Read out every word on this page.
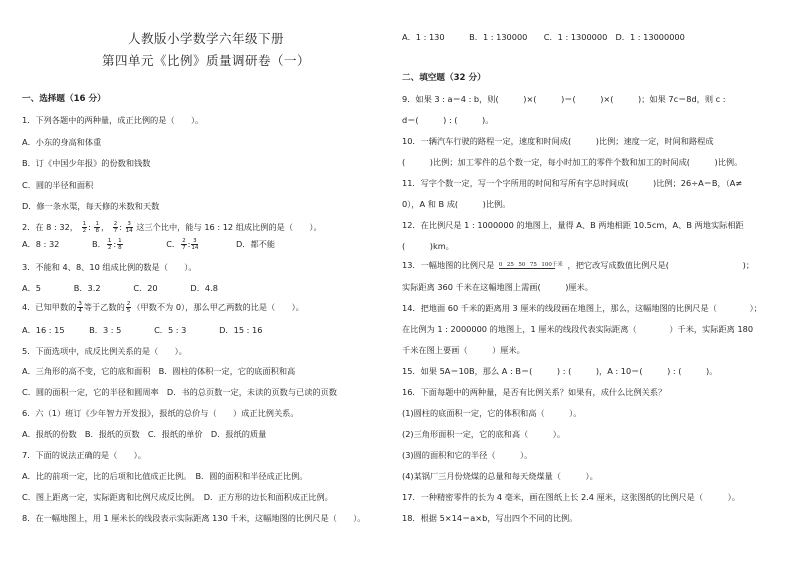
人教版小学数学六年级下册
第四单元《比例》质量调研卷（一）
一、选择题（16 分）
1．下列各题中的两种量，成正比例的是（　　）。
A．小东的身高和体重
B．订《中国少年报》的份数和钱数
C．圆的半径和面积
D．修一条水渠，每天修的米数和天数
2．在 8 : 32， $\frac{1}{2}$ : $\frac{1}{8}$ ， $\frac{2}{7}$ : $\frac{3}{14}$ 这三个比中，能与 16 : 12 组成比例的是（　　）。
A．8 : 32	B． $\frac{1}{2}$ : $\frac{1}{8}$	C． $\frac{2}{7}$ : $\frac{3}{14}$	D．都不能
3．不能和 4、8、10 组成比例的数是（　　）。
A．5　　　　B．3.2　　　　C．20　　　　D．4.8
4．已知甲数的 $\frac{3}{4}$ 等于乙数的 $\frac{2}{5}$ （甲数不为 0），那么甲乙两数的比是（　　）。
A．16 : 15　　　B．3 : 5　　　　C．5 : 3　　　　D．15 : 16
5．下面选项中，成反比例关系的是（　　）。
A．三角形的高不变，它的底和面积　B．圆柱的体积一定，它的底面积和高
C．圆的面积一定，它的半径和圆周率　D．书的总页数一定，未读的页数与已读的页数
6．六（1）班订《少年智力开发报》，报纸的总价与（　　）成正比例关系。
A．报纸的份数　B．报纸的页数　C．报纸的单价　D．报纸的质量
7．下面的说法正确的是（　　）。
A．比的前项一定，比的后项和比值成正比例。　B．圆的面积和半径成正比例。
C．图上距离一定，实际距离和比例尺成反比例。　D．正方形的边长和面积成正比例。
8．在一幅地图上，用 1 厘米长的线段表示实际距离 130 千米，这幅地图的比例尺是（　　）。
A．1 : 130　　　B．1 : 130000　　C．1 : 1300000　D．1 : 13000000
二、填空题（32 分）
9．如果 3 : a＝4 : b，则(　　　)×(　　　)＝(　　　)×(　　　)；如果 7c＝8d，则 c :
d＝(　　　) : (　　　)。
10．一辆汽车行驶的路程一定，速度和时间成(　　　)比例；速度一定，时间和路程成
(　　　)比例；加工零件的总个数一定，每小时加工的零件个数和加工的时间成(　　　)比例。
11．写字个数一定，写一个字所用的时间和写所有字总时间成(　　　)比例；26÷A＝B，（A≠
0），A 和 B 成(　　　)比例。
12．在比例尺是 1 : 1000000 的地图上，量得 A、B 两地相距 10.5cm，A、B 两地实际相距
(　　　)km。
13．一幅地图的比例尺是 0 25 50 75 100千米 ，把它改写成数值比例尺是(　　　　　　　　　)；
实际距离 360 千米在这幅地图上需画(　　　)厘米。
14．把地面 60 千米的距离用 3 厘米的线段画在地图上，那么，这幅地图的比例尺是（　　　　）；
在比例为 1 : 2000000 的地图上，1 厘米的线段代表实际距离（　　　　）千米，实际距离 180
千米在图上要画（　　　）厘米。
15．如果 5A＝10B，那么 A : B＝(　　　) : (　　　)，A : 10＝(　　　) : (　　　)。
16．下面每题中的两种量，是否有比例关系？如果有，成什么比例关系？
(1)圆柱的底面积一定，它的体积和高（　　　）。
(2)三角形面积一定，它的底和高（　　　）。
(3)圆的面积和它的半径（　　　）。
(4)某锅厂三月份烧煤的总量和每天烧煤量（　　　）。
17．一种精密零件的长为 4 毫米，画在图纸上长 2.4 厘米，这张图纸的比例尺是（　　　）。
18．根据 5×14＝a×b，写出四个不同的比例。
